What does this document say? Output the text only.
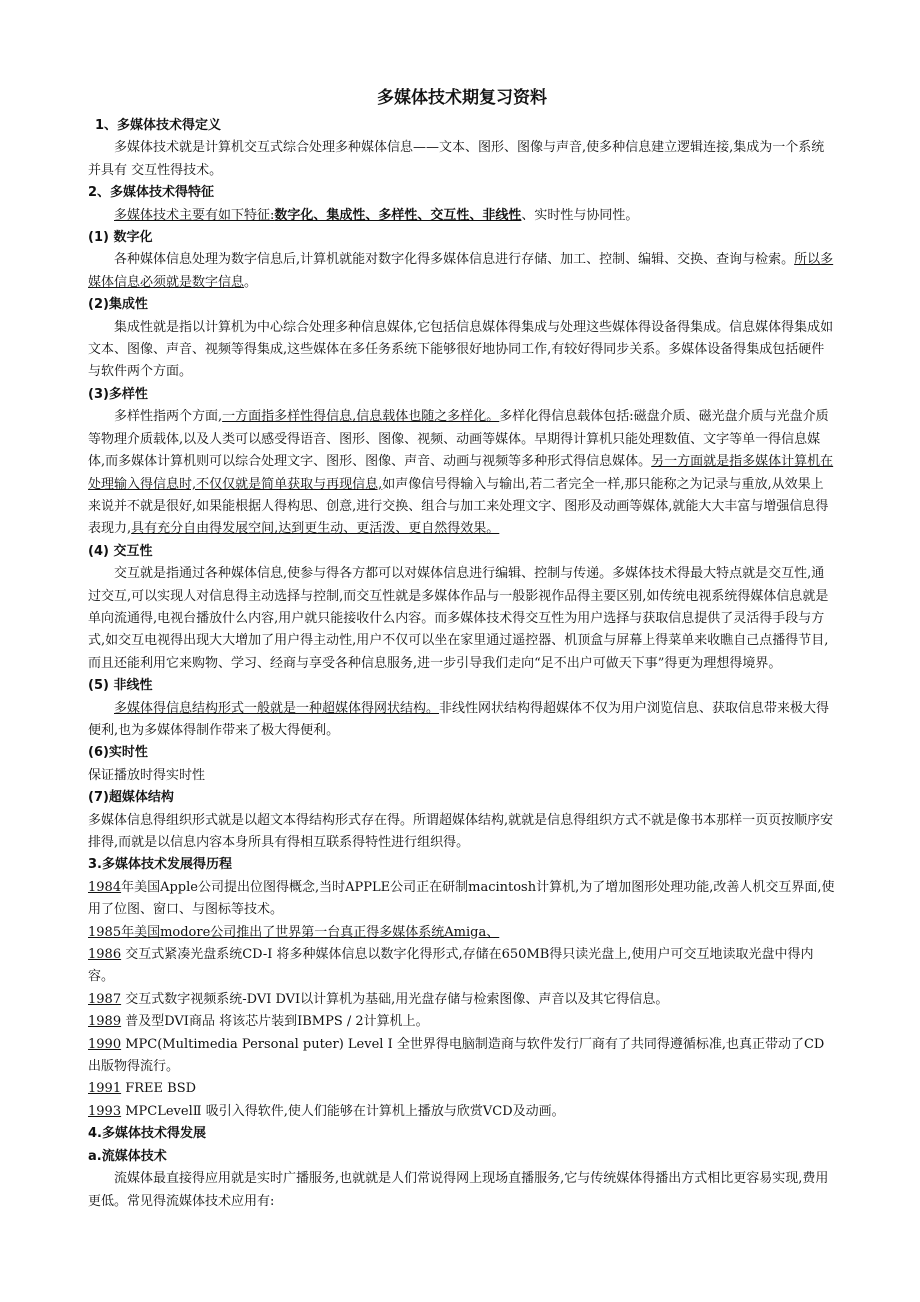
多媒体技术期复习资料
1、多媒体技术得定义

多媒体技术就是计算机交互式综合处理多种媒体信息——文本、图形、图像与声音,使多种信息建立逻辑连接,集成为一个系统并具有 交互性得技术。

2、多媒体技术得特征

多媒体技术主要有如下特征:数字化、集成性、多样性、交互性、非线性、实时性与协同性。

(1) 数字化

各种媒体信息处理为数字信息后,计算机就能对数字化得多媒体信息进行存储、加工、控制、编辑、交换、查询与检索。所以多媒体信息必须就是数字信息。

(2)集成性

集成性就是指以计算机为中心综合处理多种信息媒体,它包括信息媒体得集成与处理这些媒体得设备得集成。信息媒体得集成如文本、图像、声音、视频等得集成,这些媒体在多任务系统下能够很好地协同工作,有较好得同步关系。多媒体设备得集成包括硬件与软件两个方面。

(3)多样性

多样性指两个方面,一方面指多样性得信息,信息载体也随之多样化。多样化得信息载体包括:磁盘介质、磁光盘介质与光盘介质等物理介质载体,以及人类可以感受得语音、图形、图像、视频、动画等媒体。早期得计算机只能处理数值、文字等单一得信息媒体,而多媒体计算机则可以综合处理文字、图形、图像、声音、动画与视频等多种形式得信息媒体。另一方面就是指多媒体计算机在处理输入得信息时,不仅仅就是简单获取与再现信息,如声像信号得输入与输出,若二者完全一样,那只能称之为记录与重放,从效果上来说并不就是很好,如果能根据人得构思、创意,进行交换、组合与加工来处理文字、图形及动画等媒体,就能大大丰富与增强信息得表现力,具有充分自由得发展空间,达到更生动、更活泼、更自然得效果。

(4) 交互性

交互就是指通过各种媒体信息,使参与得各方都可以对媒体信息进行编辑、控制与传递。多媒体技术得最大特点就是交互性,通过交互,可以实现人对信息得主动选择与控制,而交互性就是多媒体作品与一般影视作品得主要区别,如传统电视系统得媒体信息就是单向流通得,电视台播放什么内容,用户就只能接收什么内容。而多媒体技术得交互性为用户选择与获取信息提供了灵活得手段与方式,如交互电视得出现大大增加了用户得主动性,用户不仅可以坐在家里通过遥控器、机顶盒与屏幕上得菜单来收瞧自己点播得节目,而且还能利用它来购物、学习、经商与享受各种信息服务,进一步引导我们走向“足不出户可做天下事”得更为理想得境界。

(5) 非线性

多媒体得信息结构形式一般就是一种超媒体得网状结构。非线性网状结构得超媒体不仅为用户浏览信息、获取信息带来极大得便利,也为多媒体得制作带来了极大得便利。

(6)实时性

保证播放时得实时性

(7)超媒体结构

多媒体信息得组织形式就是以超文本得结构形式存在得。所谓超媒体结构,就就是信息得组织方式不就是像书本那样一页页按顺序安排得,而就是以信息内容本身所具有得相互联系得特性进行组织得。

3.多媒体技术发展得历程

1984年美国Apple公司提出位图得概念,当时APPLE公司正在研制macintosh计算机,为了增加图形处理功能,改善人机交互界面,使用了位图、窗口、与图标等技术。

1985年美国modore公司推出了世界第一台真正得多媒体系统Amiga、

1986 交互式紧凑光盘系统CD-I 将多种媒体信息以数字化得形式,存储在650MB得只读光盘上,使用户可交互地读取光盘中得内容。

1987 交互式数字视频系统-DVI DVI以计算机为基础,用光盘存储与检索图像、声音以及其它得信息。

1989 普及型DVI商品 将该芯片装到IBMPS / 2计算机上。

1990 MPC(Multimedia Personal puter) Level Ⅰ 全世界得电脑制造商与软件发行厂商有了共同得遵循标准,也真正带动了CD出版物得流行。

1991 FREE BSD

1993 MPCLevelⅡ 吸引入得软件,使人们能够在计算机上播放与欣赏VCD及动画。

4.多媒体技术得发展
a.流媒体技术

流媒体最直接得应用就是实时广播服务,也就就是人们常说得网上现场直播服务,它与传统媒体得播出方式相比更容易实现,费用更低。常见得流媒体技术应用有:
